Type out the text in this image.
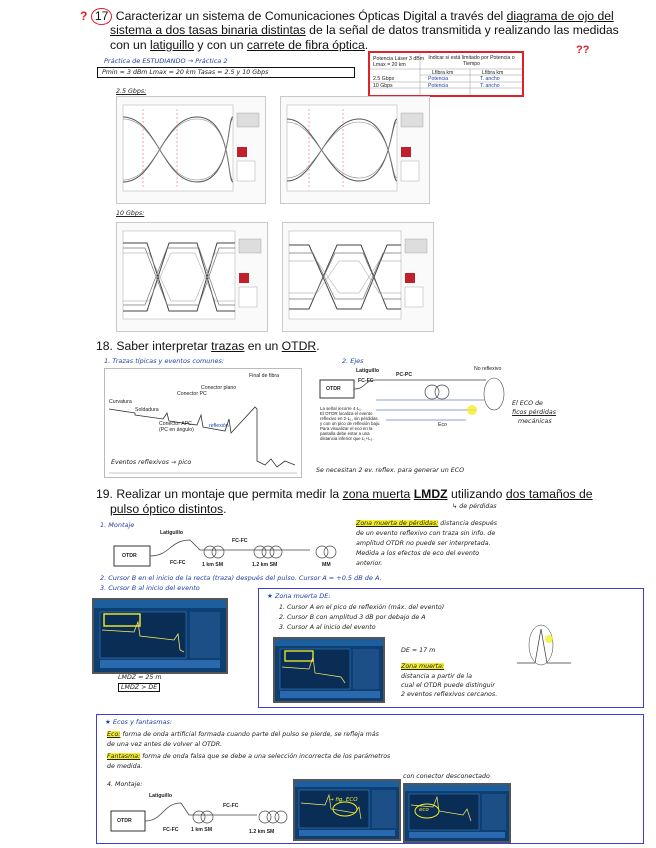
? 17 Caracterizar un sistema de Comunicaciones Ópticas Digital a través del diagrama de ojo del
sistema a dos tasas binaria distintas de la señal de datos transmitida y realizando las medidas
con un latiguillo y con un carrete de fibra óptica.	??
Potencia Láser 3 dBm
Lmax = 20 km
Indicar si está limitado por Potencia o Tiempo
Lfibra km	Lfibra km
2.5 Gbps	Potencia	T. ancho
10 Gbps	Potencia	T. ancho
Práctica de ESTUDIANDO → Práctica 2
Pmin = 3 dBm Lmax = 20 km Tasas = 2.5 y 10 Gbps
2.5 Gbps:
10 Gbps:
18. Saber interpretar trazas en un OTDR.
1. Trazas típicas y eventos comunes:	2. Ejes
Final de fibra
Conector plano
Conector PC
Curvatura
Soldadura
Conector APC
(PC en ángulo)
reflexión
Eventos reflexivos → pico
OTDR
Latiguillo
FC-FC
PC-PC
No reflexivo
Eco
La señal recorre 4·L₁.
El OTDR localiza el evento
reflexivo en 2·L₁, sin pérdidas
y con un pico de reflexión bajo.
Para visualizar el eco en la
pantalla debe estar a una
distancia inferior que L₁+L₂.
El ECO de
ficos pérdidas
mecánicas
Se necesitan 2 ev. reflex. para generar un ECO
19. Realizar un montaje que permita medir la zona muerta LMDZ utilizando dos tamaños de
pulso óptico distintos.	↳ de pérdidas
1. Montaje
OTDR
Latiguillo
FC-FC	1 km SM
FC-FC
1.2 km SM	MM
Zona muerta de pérdidas: distancia después
de un evento reflexivo con traza sin info. de
amplitud OTDR no puede ser interpretada.
Medida a los efectos de eco del evento
anterior.
2. Cursor B en el inicio de la recta (traza) después del pulso. Cursor A = +0.5 dB de A.
3. Cursor B al inicio del evento
LMDZ ≈ 25 m
LMDZ > DE
★ Zona muerta DE:
1. Cursor A en el pico de reflexión (máx. del evento)
2. Cursor B con amplitud 3 dB por debajo de A
3. Cursor A al inicio del evento
DE ≈ 17 m
Zona muerta:
distancia a partir de la
cual el OTDR puede distinguir
2 eventos reflexivos cercanos.
★ Ecos y fantasmas:
Eco: forma de onda artificial formada cuando parte del pulso se pierde, se refleja más
de una vez antes de volver al OTDR.
Fantasma: forma de onda falsa que se debe a una selección incorrecta de los parámetros
de medida.
con conector desconectado
4. Montaje:
OTDR
Latiguillo
FC-FC 1 km SM
FC-FC
1.2 km SM
→ fig. ECO
eco
